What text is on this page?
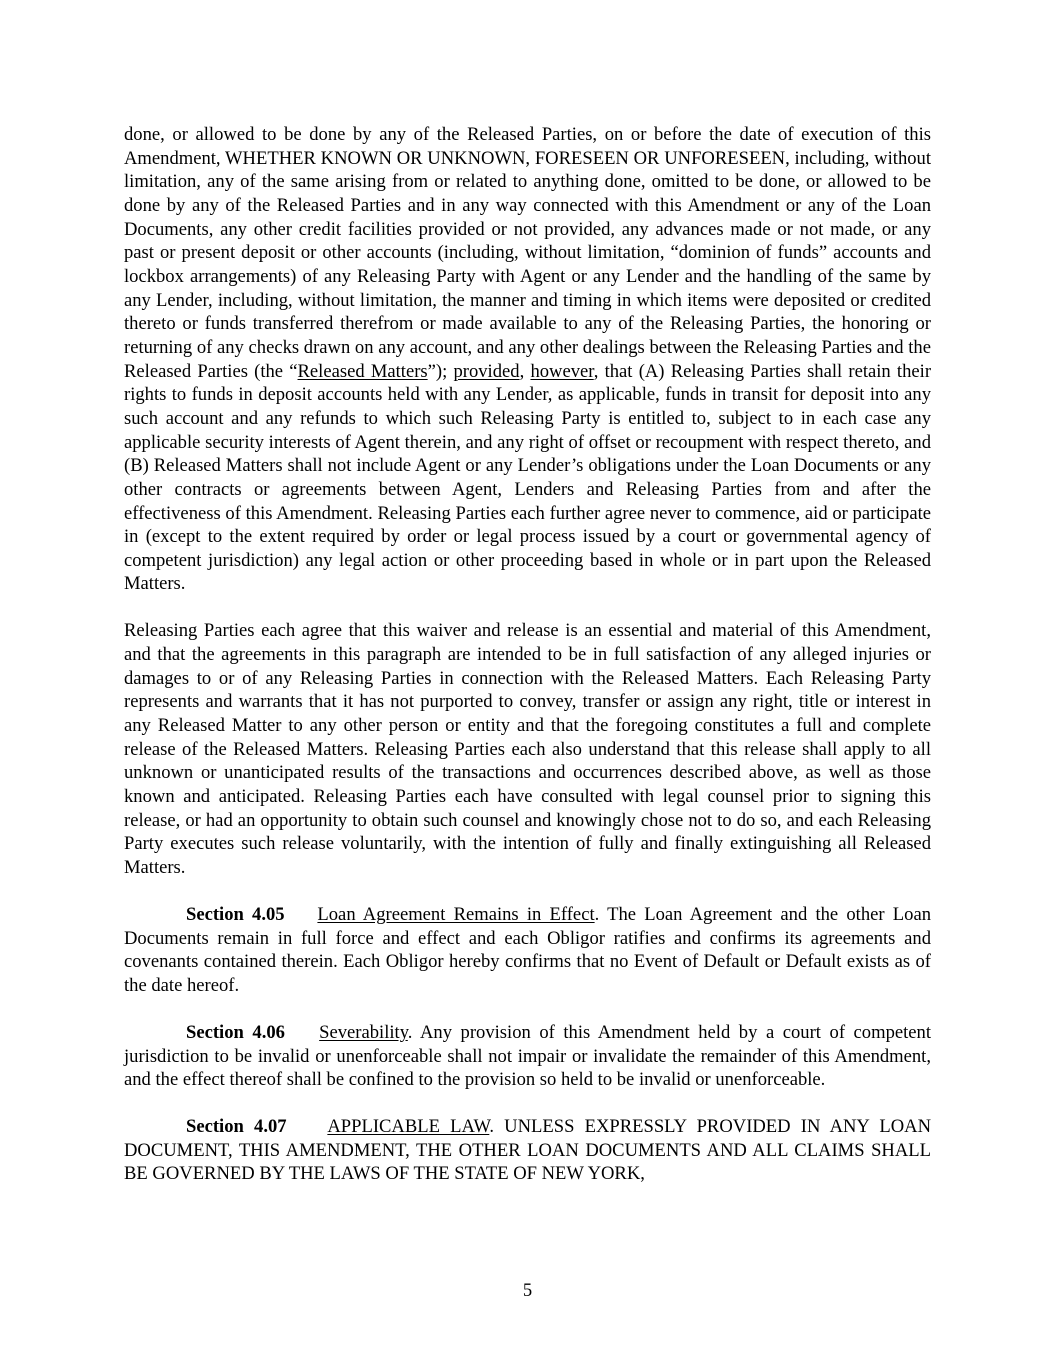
done, or allowed to be done by any of the Released Parties, on or before the date of execution of this Amendment, WHETHER KNOWN OR UNKNOWN, FORESEEN OR UNFORESEEN, including, without limitation, any of the same arising from or related to anything done, omitted to be done, or allowed to be done by any of the Released Parties and in any way connected with this Amendment or any of the Loan Documents, any other credit facilities provided or not provided, any advances made or not made, or any past or present deposit or other accounts (including, without limitation, “dominion of funds” accounts and lockbox arrangements) of any Releasing Party with Agent or any Lender and the handling of the same by any Lender, including, without limitation, the manner and timing in which items were deposited or credited thereto or funds transferred therefrom or made available to any of the Releasing Parties, the honoring or returning of any checks drawn on any account, and any other dealings between the Releasing Parties and the Released Parties (the “Released Matters”); provided, however, that (A) Releasing Parties shall retain their rights to funds in deposit accounts held with any Lender, as applicable, funds in transit for deposit into any such account and any refunds to which such Releasing Party is entitled to, subject to in each case any applicable security interests of Agent therein, and any right of offset or recoupment with respect thereto, and (B) Released Matters shall not include Agent or any Lender’s obligations under the Loan Documents or any other contracts or agreements between Agent, Lenders and Releasing Parties from and after the effectiveness of this Amendment. Releasing Parties each further agree never to commence, aid or participate in (except to the extent required by order or legal process issued by a court or governmental agency of competent jurisdiction) any legal action or other proceeding based in whole or in part upon the Released Matters.

Releasing Parties each agree that this waiver and release is an essential and material of this Amendment, and that the agreements in this paragraph are intended to be in full satisfaction of any alleged injuries or damages to or of any Releasing Parties in connection with the Released Matters. Each Releasing Party represents and warrants that it has not purported to convey, transfer or assign any right, title or interest in any Released Matter to any other person or entity and that the foregoing constitutes a full and complete release of the Released Matters. Releasing Parties each also understand that this release shall apply to all unknown or unanticipated results of the transactions and occurrences described above, as well as those known and anticipated. Releasing Parties each have consulted with legal counsel prior to signing this release, or had an opportunity to obtain such counsel and knowingly chose not to do so, and each Releasing Party executes such release voluntarily, with the intention of fully and finally extinguishing all Released Matters.

Section 4.05 Loan Agreement Remains in Effect. The Loan Agreement and the other Loan Documents remain in full force and effect and each Obligor ratifies and confirms its agreements and covenants contained therein. Each Obligor hereby confirms that no Event of Default or Default exists as of the date hereof.

Section 4.06 Severability. Any provision of this Amendment held by a court of competent jurisdiction to be invalid or unenforceable shall not impair or invalidate the remainder of this Amendment, and the effect thereof shall be confined to the provision so held to be invalid or unenforceable.

Section 4.07 APPLICABLE LAW. UNLESS EXPRESSLY PROVIDED IN ANY LOAN DOCUMENT, THIS AMENDMENT, THE OTHER LOAN DOCUMENTS AND ALL CLAIMS SHALL BE GOVERNED BY THE LAWS OF THE STATE OF NEW YORK,

5
